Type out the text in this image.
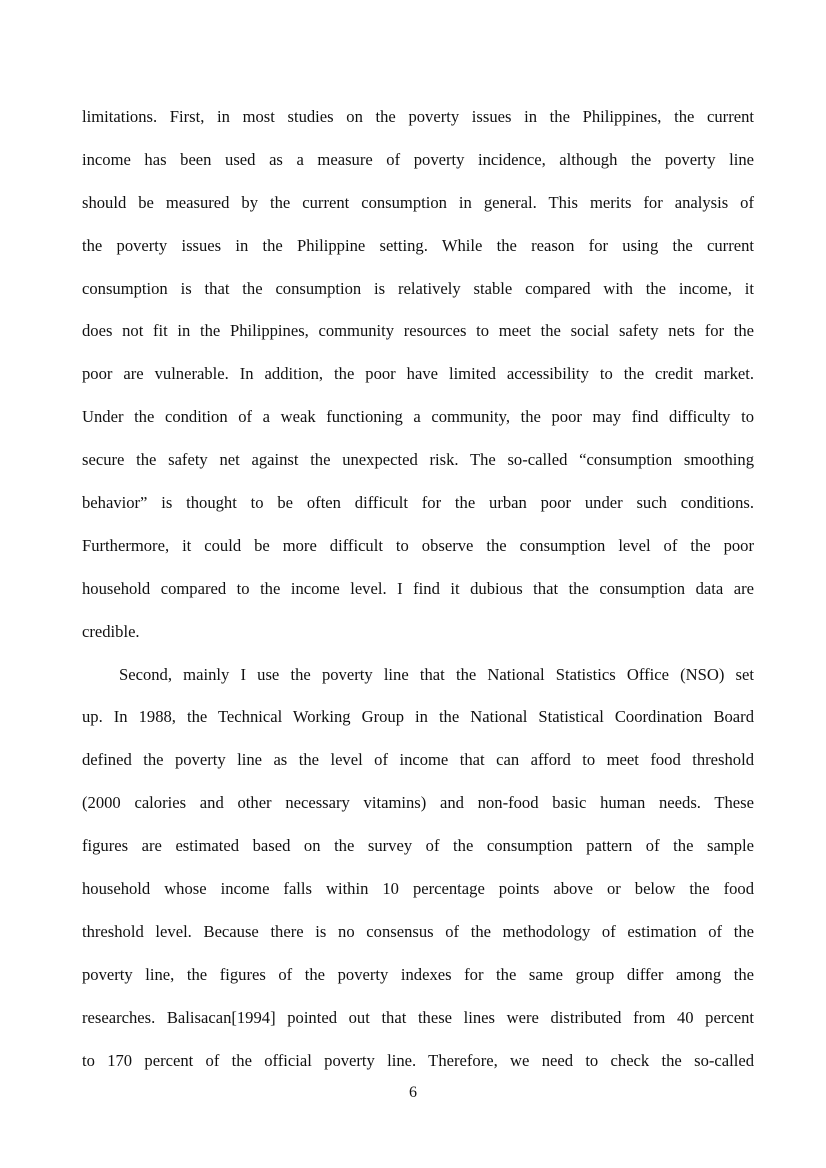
limitations. First, in most studies on the poverty issues in the Philippines, the current
income has been used as a measure of poverty incidence, although the poverty line
should be measured by the current consumption in general. This merits for analysis of
the poverty issues in the Philippine setting. While the reason for using the current
consumption is that the consumption is relatively stable compared with the income, it
does not fit in the Philippines, community resources to meet the social safety nets for the
poor are vulnerable. In addition, the poor have limited accessibility to the credit market.
Under the condition of a weak functioning a community, the poor may find difficulty to
secure the safety net against the unexpected risk. The so-called “consumption smoothing
behavior” is thought to be often difficult for the urban poor under such conditions.
Furthermore, it could be more difficult to observe the consumption level of the poor
household compared to the income level. I find it dubious that the consumption data are
credible.
Second, mainly I use the poverty line that the National Statistics Office (NSO) set
up. In 1988, the Technical Working Group in the National Statistical Coordination Board
defined the poverty line as the level of income that can afford to meet food threshold
(2000 calories and other necessary vitamins) and non-food basic human needs. These
figures are estimated based on the survey of the consumption pattern of the sample
household whose income falls within 10 percentage points above or below the food
threshold level. Because there is no consensus of the methodology of estimation of the
poverty line, the figures of the poverty indexes for the same group differ among the
researches. Balisacan[1994] pointed out that these lines were distributed from 40 percent
to 170 percent of the official poverty line. Therefore, we need to check the so-called
6
